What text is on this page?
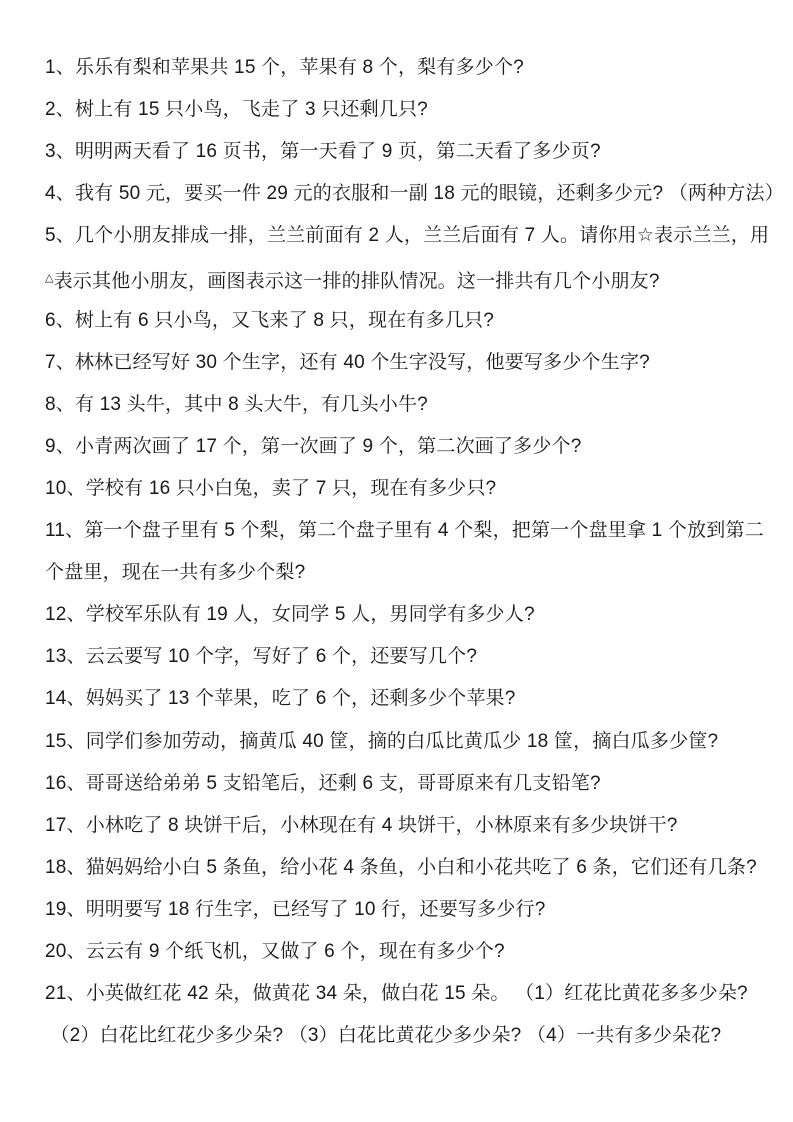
1、乐乐有梨和苹果共 15 个，苹果有 8 个，梨有多少个?
2、树上有 15 只小鸟，飞走了 3 只还剩几只?
3、明明两天看了 16 页书，第一天看了 9 页，第二天看了多少页?
4、我有 50 元，要买一件 29 元的衣服和一副 18 元的眼镜，还剩多少元? （两种方法）
5、几个小朋友排成一排，兰兰前面有 2 人，兰兰后面有 7 人。请你用☆表示兰兰，用
△表示其他小朋友，画图表示这一排的排队情况。这一排共有几个小朋友?
6、树上有 6 只小鸟，又飞来了 8 只，现在有多几只?
7、林林已经写好 30 个生字，还有 40 个生字没写，他要写多少个生字?
8、有 13 头牛，其中 8 头大牛，有几头小牛?
9、小青两次画了 17 个，第一次画了 9 个，第二次画了多少个?
10、学校有 16 只小白兔，卖了 7 只，现在有多少只?
11、第一个盘子里有 5 个梨，第二个盘子里有 4 个梨，把第一个盘里拿 1 个放到第二
个盘里，现在一共有多少个梨?
12、学校军乐队有 19 人，女同学 5 人，男同学有多少人?
13、云云要写 10 个字，写好了 6 个，还要写几个?
14、妈妈买了 13 个苹果，吃了 6 个，还剩多少个苹果?
15、同学们参加劳动，摘黄瓜 40 筐，摘的白瓜比黄瓜少 18 筐，摘白瓜多少筐?
16、哥哥送给弟弟 5 支铅笔后，还剩 6 支，哥哥原来有几支铅笔?
17、小林吃了 8 块饼干后，小林现在有 4 块饼干，小林原来有多少块饼干?
18、猫妈妈给小白 5 条鱼，给小花 4 条鱼，小白和小花共吃了 6 条，它们还有几条?
19、明明要写 18 行生字，已经写了 10 行，还要写多少行?
20、云云有 9 个纸飞机，又做了 6 个，现在有多少个?
21、小英做红花 42 朵，做黄花 34 朵，做白花 15 朵。 （1）红花比黄花多多少朵?
（2）白花比红花少多少朵? （3）白花比黄花少多少朵? （4）一共有多少朵花?
